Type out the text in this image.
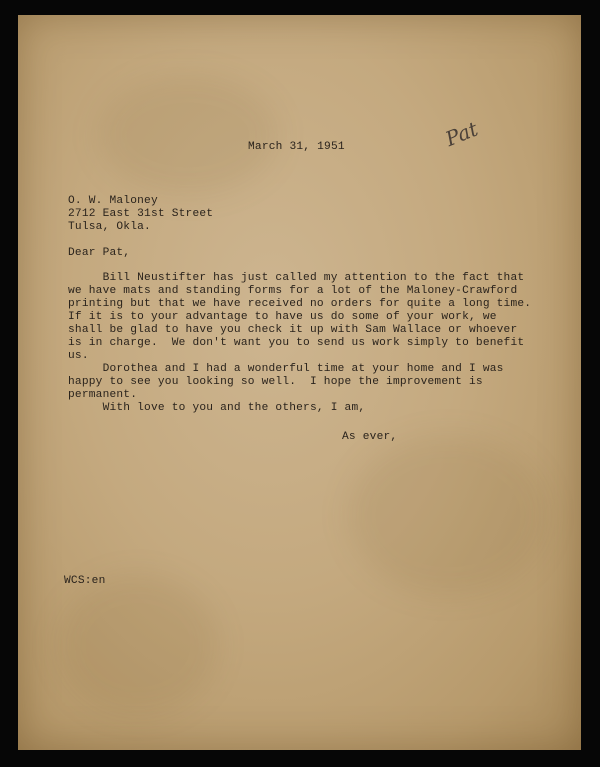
Pat

March 31, 1951

O. W. Maloney

2712 East 31st Street

Tulsa, Okla.

Dear Pat,

Bill Neustifter has just called my attention to the fact that

we have mats and standing forms for a lot of the Maloney-Crawford

printing but that we have received no orders for quite a long time.

If it is to your advantage to have us do some of your work, we

shall be glad to have you check it up with Sam Wallace or whoever

is in charge.  We don't want you to send us work simply to benefit

us.

Dorothea and I had a wonderful time at your home and I was

happy to see you looking so well.  I hope the improvement is

permanent.

With love to you and the others, I am,

As ever,

WCS:en
